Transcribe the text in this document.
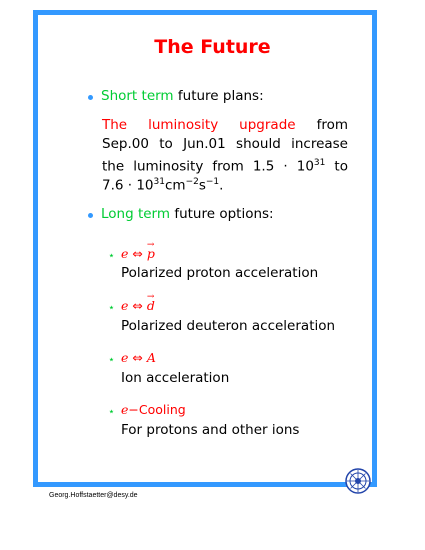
The Future
Short term future plans:
The luminosity upgrade from
Sep.00 to Jun.01 should increase
the luminosity from $1.5 \cdot 10^{31}$ to
$7.6 \cdot 10^{31}cm^{-2}s^{-1}$.
Long term future options:
⋆ e ⇔ → p
Polarized proton acceleration
⋆ e ⇔ → d
Polarized deuteron acceleration
⋆ e ⇔ A
Ion acceleration
⋆ e−Cooling
For protons and other ions
Georg.Hoffstaetter@desy.de
